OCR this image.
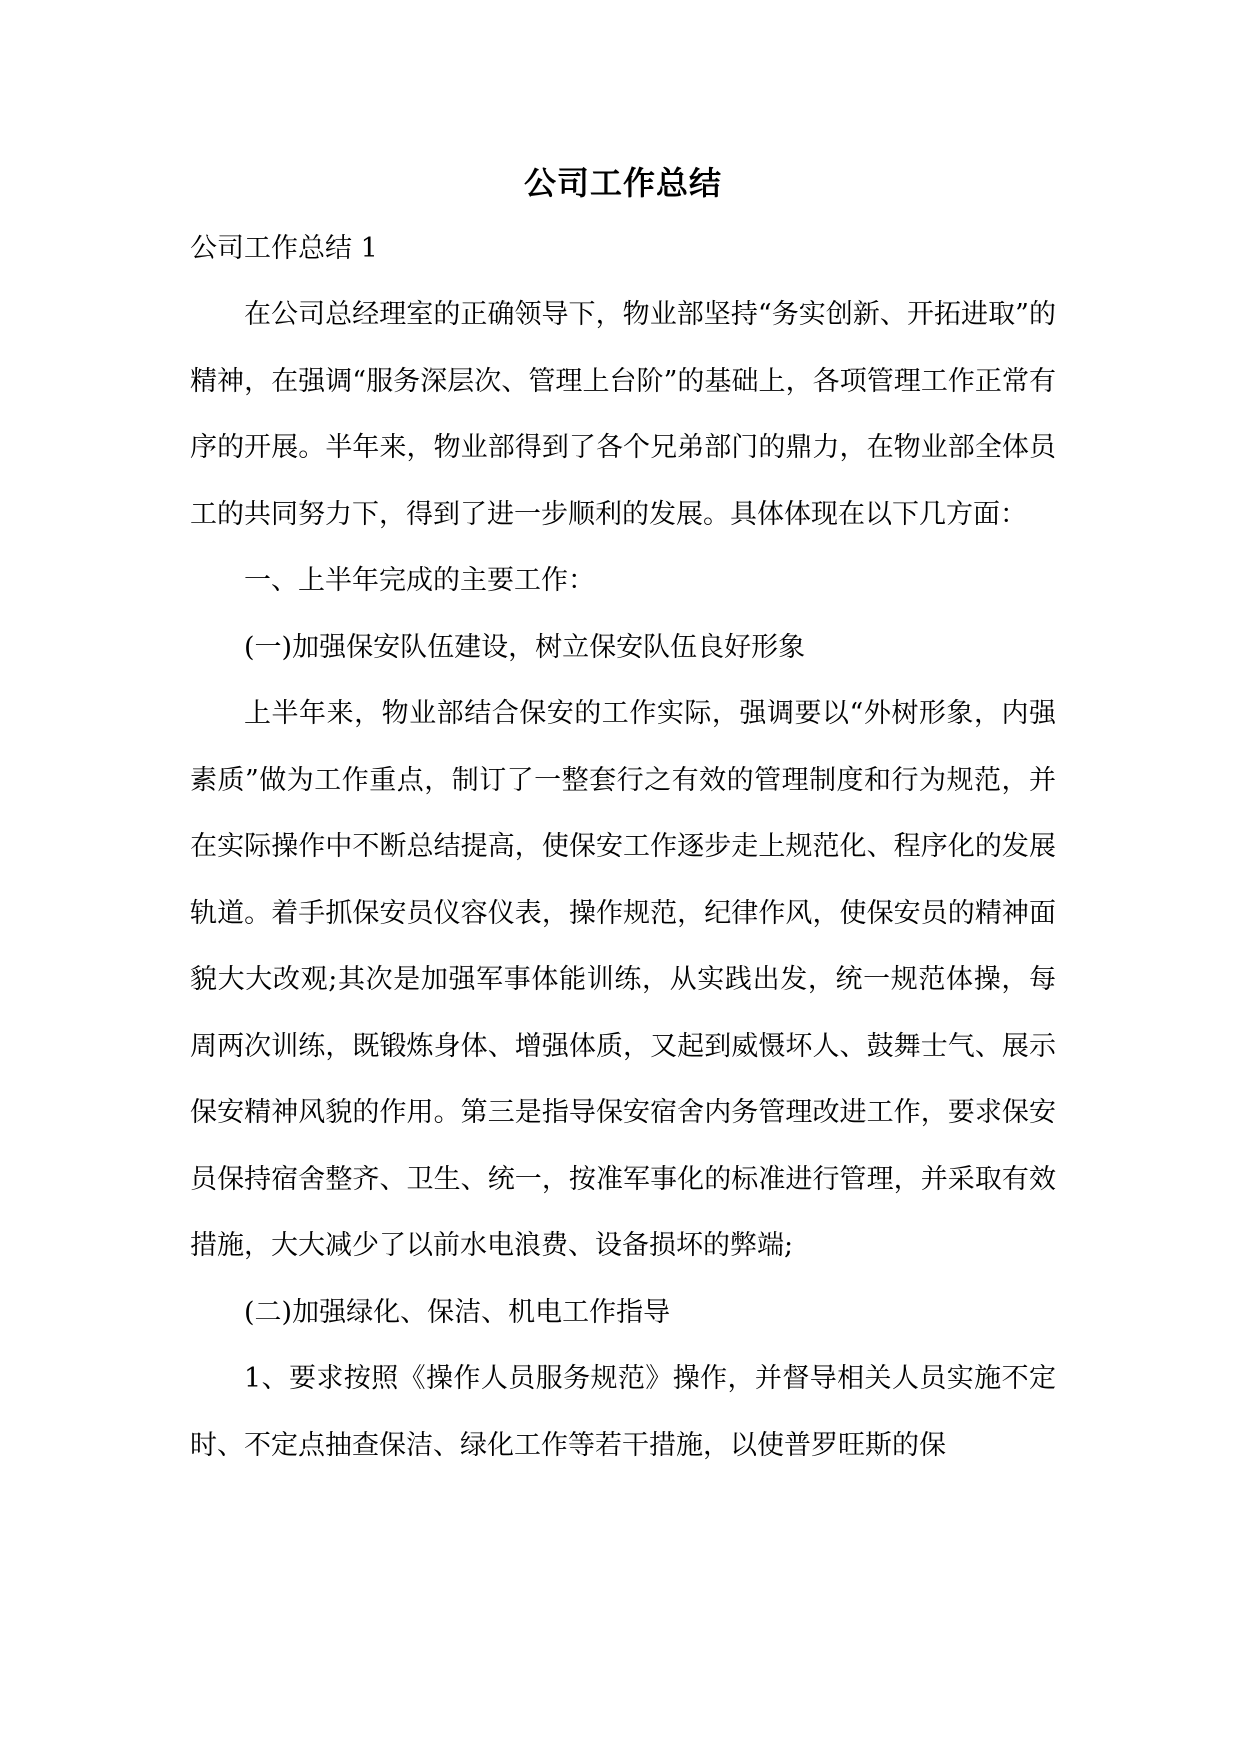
公司工作总结

公司工作总结 1

在公司总经理室的正确领导下，物业部坚持“务实创新、开拓进取”的精神，在强调“服务深层次、管理上台阶”的基础上，各项管理工作正常有序的开展。半年来，物业部得到了各个兄弟部门的鼎力，在物业部全体员工的共同努力下，得到了进一步顺利的发展。具体体现在以下几方面：

一、上半年完成的主要工作：

(一)加强保安队伍建设，树立保安队伍良好形象

上半年来，物业部结合保安的工作实际，强调要以“外树形象，内强素质”做为工作重点，制订了一整套行之有效的管理制度和行为规范，并在实际操作中不断总结提高，使保安工作逐步走上规范化、程序化的发展轨道。着手抓保安员仪容仪表，操作规范，纪律作风，使保安员的精神面貌大大改观;其次是加强军事体能训练，从实践出发，统一规范体操，每周两次训练，既锻炼身体、增强体质，又起到威慑坏人、鼓舞士气、展示保安精神风貌的作用。第三是指导保安宿舍内务管理改进工作，要求保安员保持宿舍整齐、卫生、统一，按准军事化的标准进行管理，并采取有效措施，大大减少了以前水电浪费、设备损坏的弊端;

(二)加强绿化、保洁、机电工作指导

1、要求按照《操作人员服务规范》操作，并督导相关人员实施不定时、不定点抽查保洁、绿化工作等若干措施，以使普罗旺斯的保
